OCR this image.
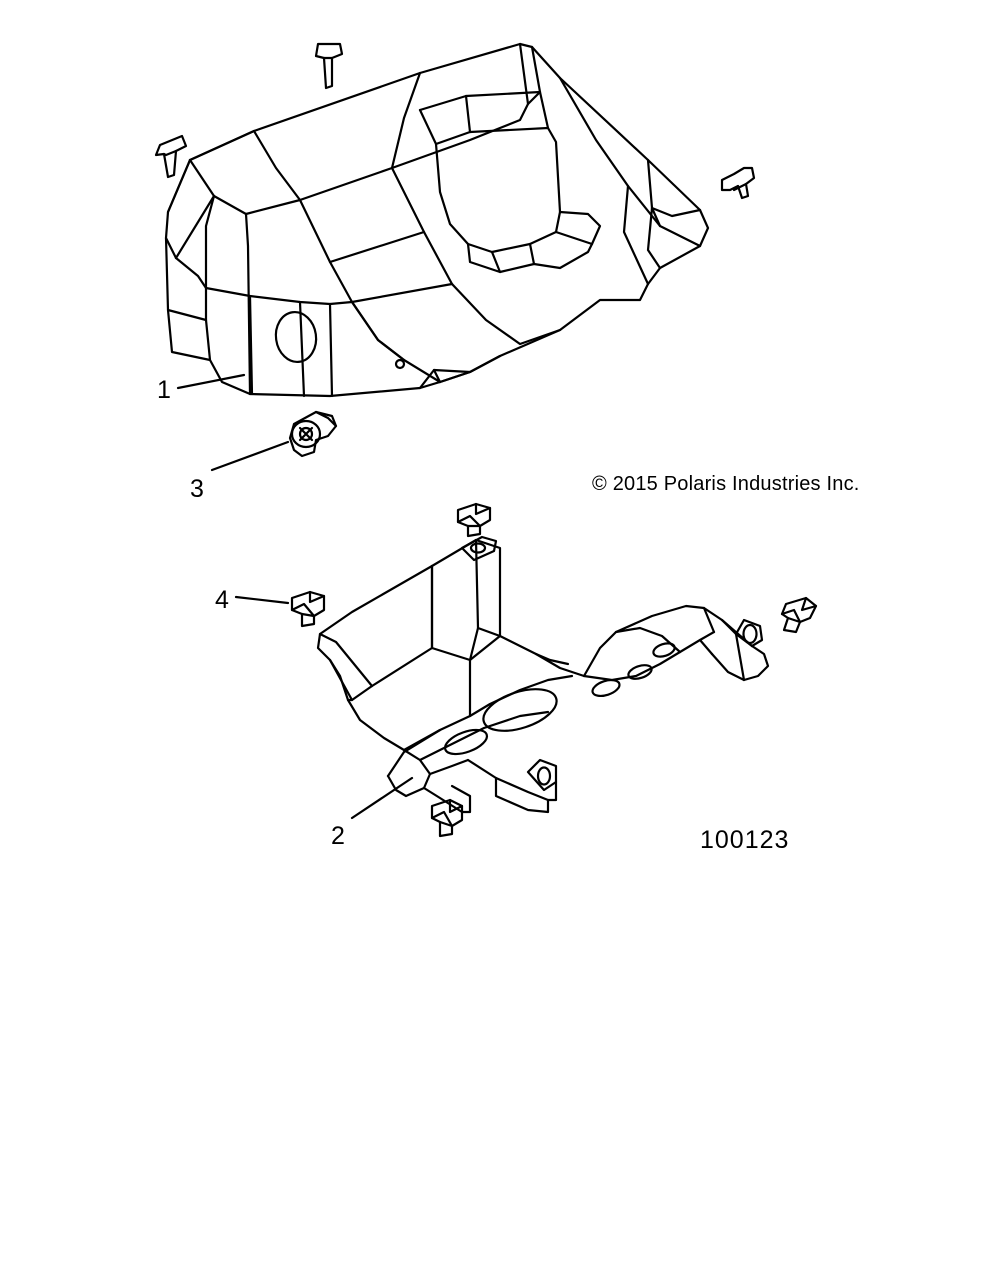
1
3
4
2
© 2015 Polaris Industries Inc.
100123
